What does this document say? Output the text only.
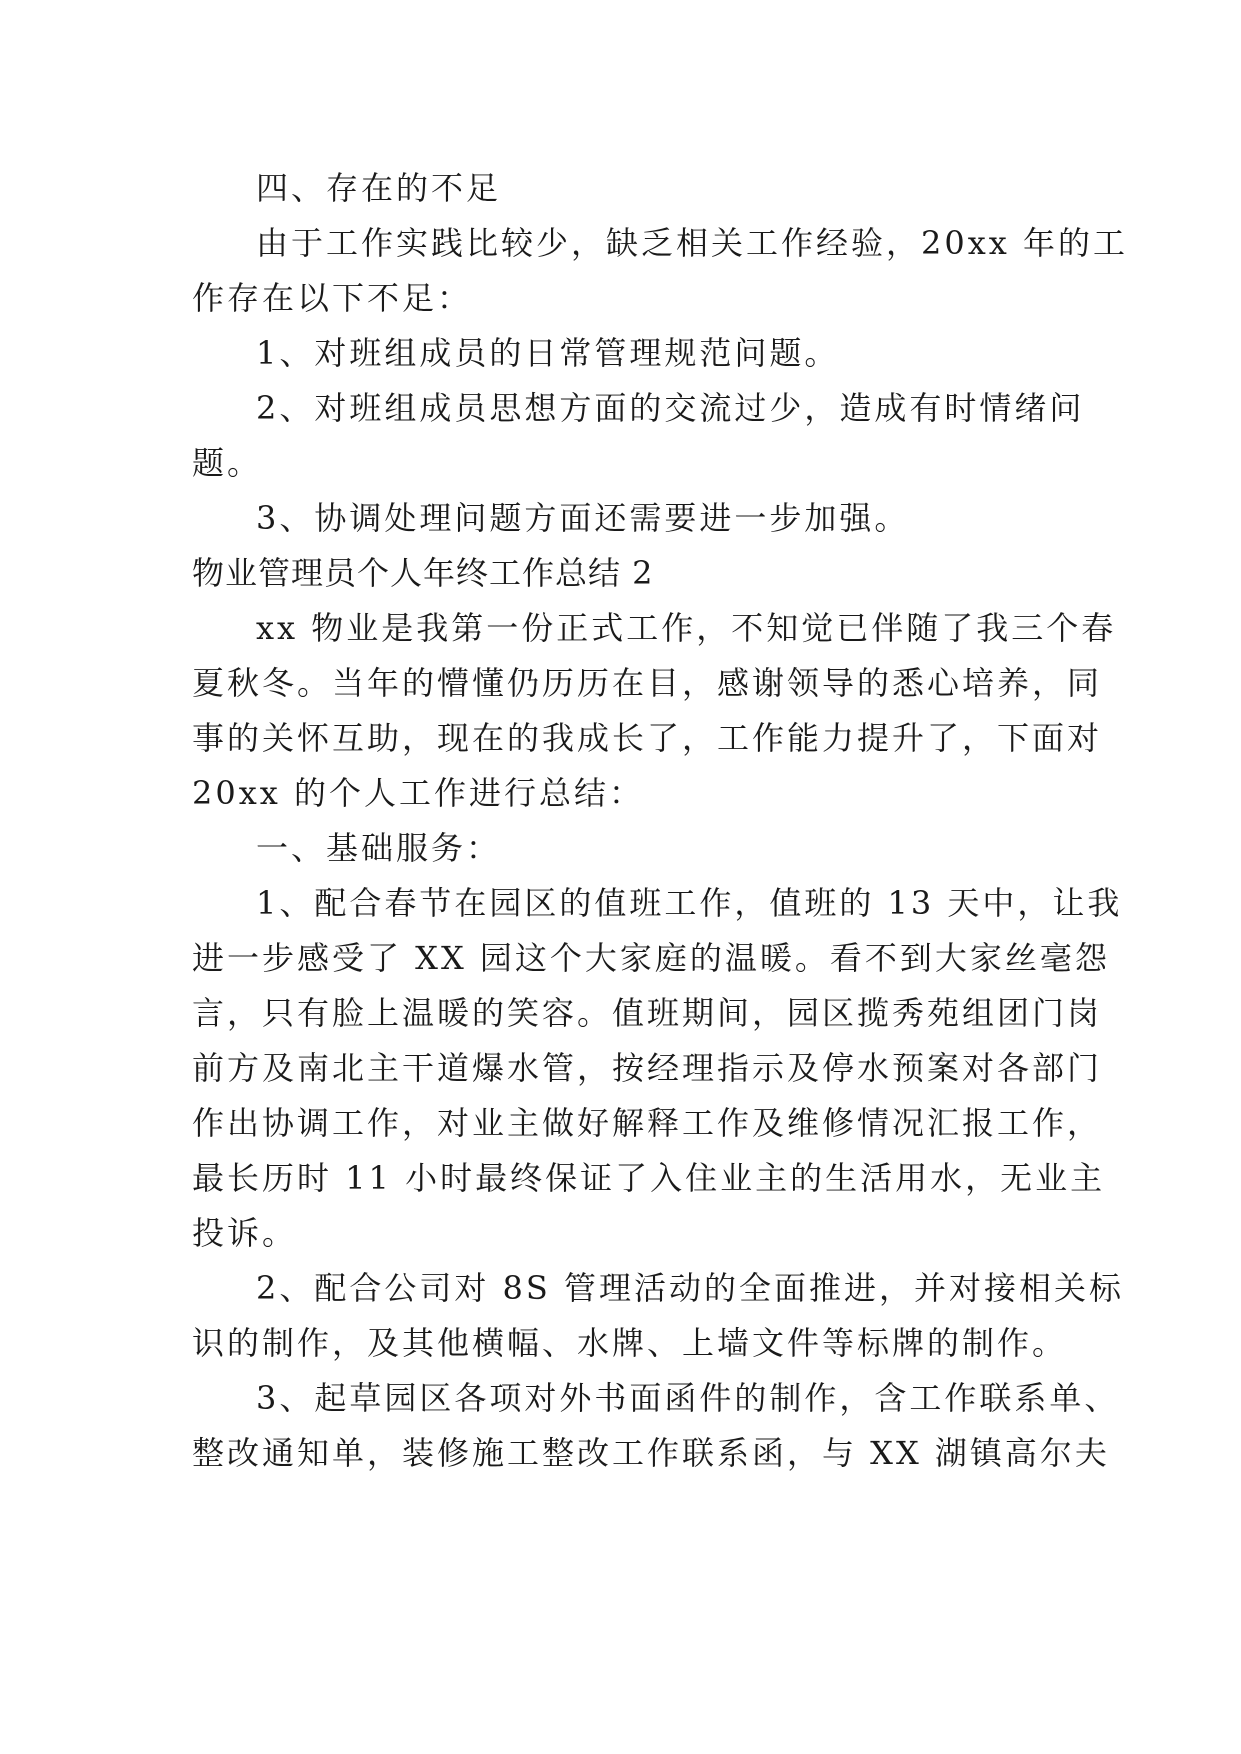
四、存在的不足
由于工作实践比较少，缺乏相关工作经验，20xx 年的工
作存在以下不足：
1、对班组成员的日常管理规范问题。
2、对班组成员思想方面的交流过少，造成有时情绪问
题。
3、协调处理问题方面还需要进一步加强。
物业管理员个人年终工作总结 2
xx 物业是我第一份正式工作，不知觉已伴随了我三个春
夏秋冬。当年的懵懂仍历历在目，感谢领导的悉心培养，同
事的关怀互助，现在的我成长了，工作能力提升了，下面对
20xx 的个人工作进行总结：
一、基础服务：
1、配合春节在园区的值班工作，值班的 13 天中，让我
进一步感受了 XX 园这个大家庭的温暖。看不到大家丝毫怨
言，只有脸上温暖的笑容。值班期间，园区揽秀苑组团门岗
前方及南北主干道爆水管，按经理指示及停水预案对各部门
作出协调工作，对业主做好解释工作及维修情况汇报工作，
最长历时 11 小时最终保证了入住业主的生活用水，无业主
投诉。
2、配合公司对 8S 管理活动的全面推进，并对接相关标
识的制作，及其他横幅、水牌、上墙文件等标牌的制作。
3、起草园区各项对外书面函件的制作，含工作联系单、
整改通知单，装修施工整改工作联系函，与 XX 湖镇高尔夫
